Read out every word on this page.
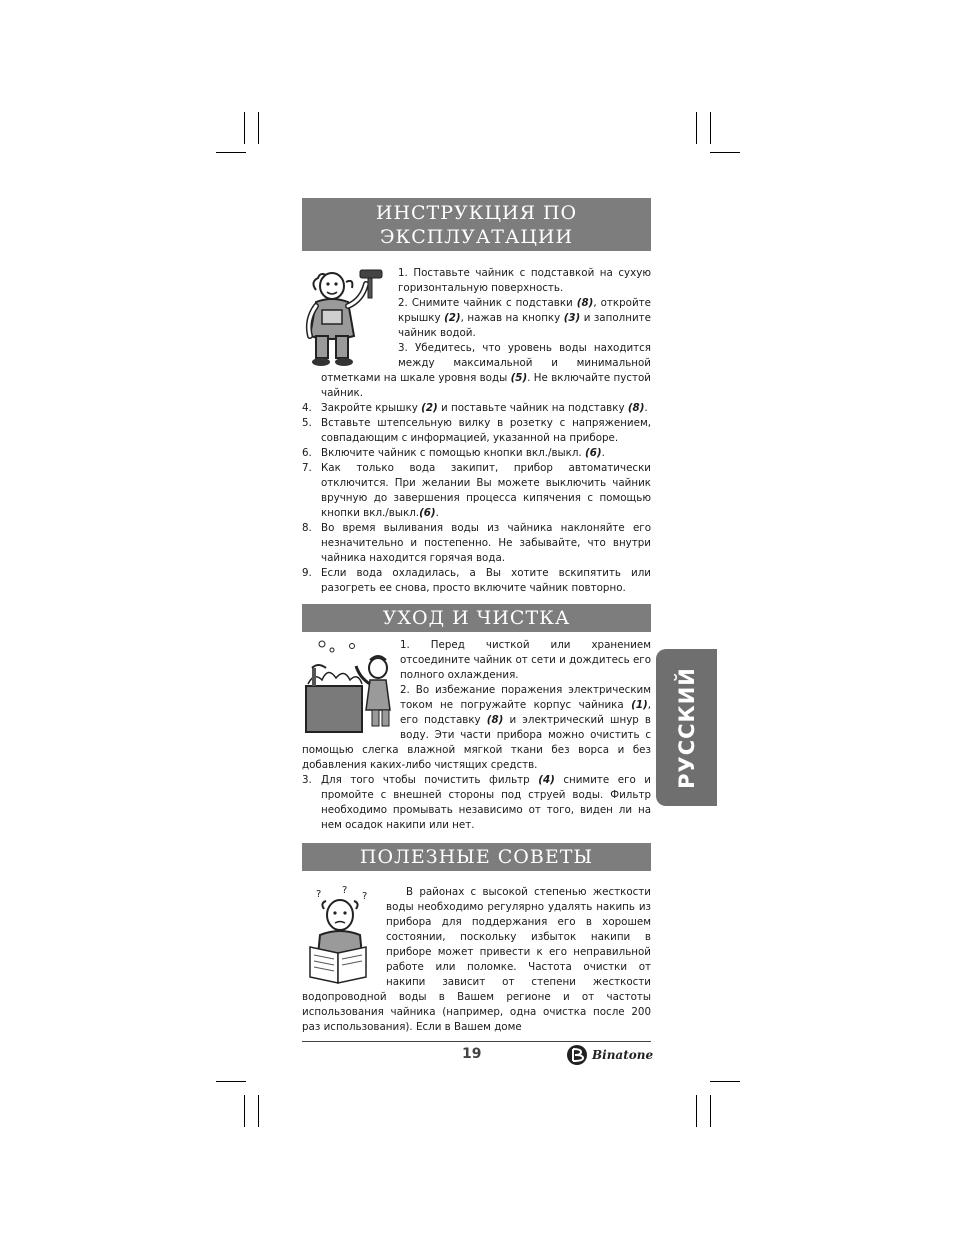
ИНСТРУКЦИЯ ПО ЭКСПЛУАТАЦИИ

1. Поставьте чайник с подставкой на сухую горизонтальную поверхность.

2. Снимите чайник с подставки (8), откройте крышку (2), нажав на кнопку (3) и заполните чайник водой.

3. Убедитесь, что уровень воды находится между максимальной и минимальной отметками на шкале уровня воды (5). Не включайте пустой чайник.

4. Закройте крышку (2) и поставьте чайник на подставку (8).
5. Вставьте штепсельную вилку в розетку с напряжением, совпадающим с информацией, указанной на приборе.
6. Включите чайник с помощью кнопки вкл./выкл. (6).
7. Как только вода закипит, прибор автоматически отключится. При желании Вы можете выключить чайник вручную до завершения процесса кипячения с помощью кнопки вкл./выкл.(6).
8. Во время выливания воды из чайника наклоняйте его незначительно и постепенно. Не забывайте, что внутри чайника находится горячая вода.
9. Если вода охладилась, а Вы хотите вскипятить или разогреть ее снова, просто включите чайник повторно.
УХОД И ЧИСТКА

1. Перед чисткой или хранением отсоедините чайник от сети и дождитесь его полного охлаждения.

2. Во избежание поражения электрическим током не погружайте корпус чайника (1), его подставку (8) и электрический шнур в воду. Эти части прибора можно очистить с помощью слегка влажной мягкой ткани без ворса и без добавления каких-либо чистящих средств.

3. Для того чтобы почистить фильтр (4) снимите его и промойте с внешней стороны под струей воды. Фильтр необходимо промывать независимо от того, виден ли на нем осадок накипи или нет.
ПОЛЕЗНЫЕ СОВЕТЫ
? ?
?	В районах с высокой степенью жесткости воды необходимо регулярно удалять накипь из прибора для поддержания его в хорошем состоянии, поскольку избыток накипи в приборе может привести к его неправильной работе или поломке. Частота очистки от накипи зависит от степени жесткости водопроводной воды в Вашем регионе и от частоты использования чайника (например, одна очистка после 200 раз использования). Если в Вашем доме

РУССКИЙ
19	Binatone
